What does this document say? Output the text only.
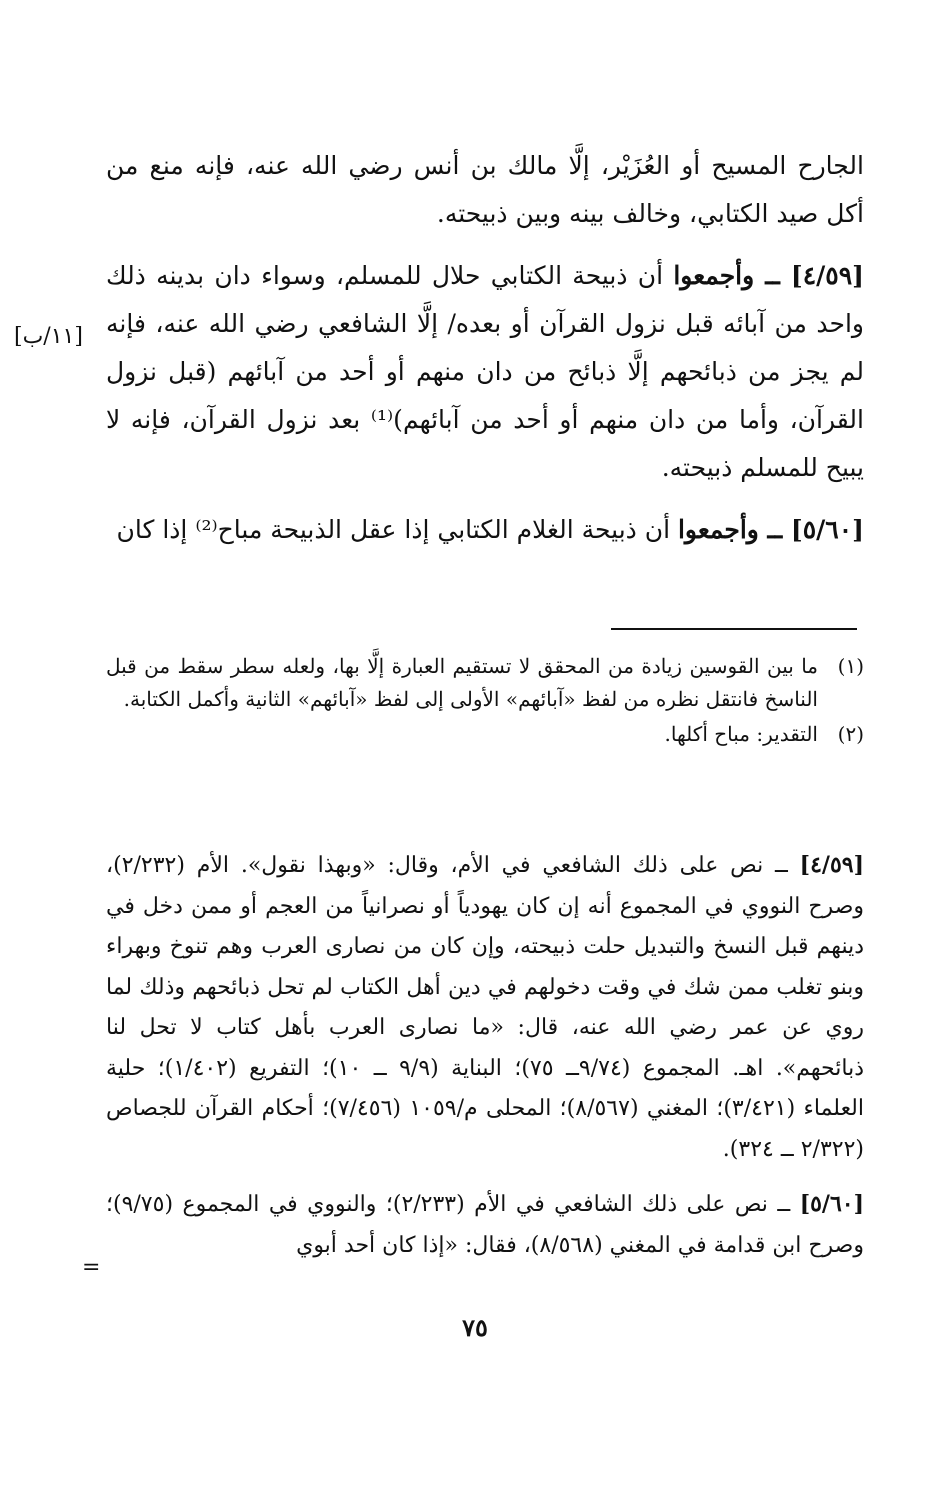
الجارح المسيح أو العُزَيْر، إلَّا مالك بن أنس رضي الله عنه، فإنه منع من أكل صيد الكتابي، وخالف بينه وبين ذبيحته.

[٤/٥٩] ــ وأجمعوا أن ذبيحة الكتابي حلال للمسلم، وسواء دان بدينه ذلك واحد من آبائه قبل نزول القرآن أو بعده/ إلَّا الشافعي رضي الله عنه، فإنه لم يجز من ذبائحهم إلَّا ذبائح من دان منهم أو أحد من آبائهم (قبل نزول القرآن، وأما من دان منهم أو أحد من آبائهم)⁽¹⁾ بعد نزول القرآن، فإنه لا يبيح للمسلم ذبيحته.

[٥/٦٠] ــ وأجمعوا أن ذبيحة الغلام الكتابي إذا عقل الذبيحة مباح⁽²⁾ إذا كان

[١١/ب]
(١)
ما بين القوسين زيادة من المحقق لا تستقيم العبارة إلَّا بها، ولعله سطر سقط من قبل الناسخ فانتقل نظره من لفظ «آبائهم» الأولى إلى لفظ «آبائهم» الثانية وأكمل الكتابة.
(٢)
التقدير: مباح أكلها.

[٤/٥٩] ــ نص على ذلك الشافعي في الأم، وقال: «وبهذا نقول». الأم (٢/٢٣٢)، وصرح النووي في المجموع أنه إن كان يهودياً أو نصرانياً من العجم أو ممن دخل في دينهم قبل النسخ والتبديل حلت ذبيحته، وإن كان من نصارى العرب وهم تنوخ وبهراء وبنو تغلب ممن شك في وقت دخولهم في دين أهل الكتاب لم تحل ذبائحهم وذلك لما روي عن عمر رضي الله عنه، قال: «ما نصارى العرب بأهل كتاب لا تحل لنا ذبائحهم». اهـ. المجموع (٩/٧٤ــ ٧٥)؛ البناية (٩/٩ ــ ١٠)؛ التفريع (١/٤٠٢)؛ حلية العلماء (٣/٤٢١)؛ المغني (٨/٥٦٧)؛ المحلى م/١٠٥٩ (٧/٤٥٦)؛ أحكام القرآن للجصاص (٢/٣٢٢ ــ ٣٢٤).

[٥/٦٠] ــ نص على ذلك الشافعي في الأم (٢/٢٣٣)؛ والنووي في المجموع (٩/٧٥)؛ وصرح ابن قدامة في المغني (٨/٥٦٨)، فقال: «إذا كان أحد أبوي

=
٧٥
